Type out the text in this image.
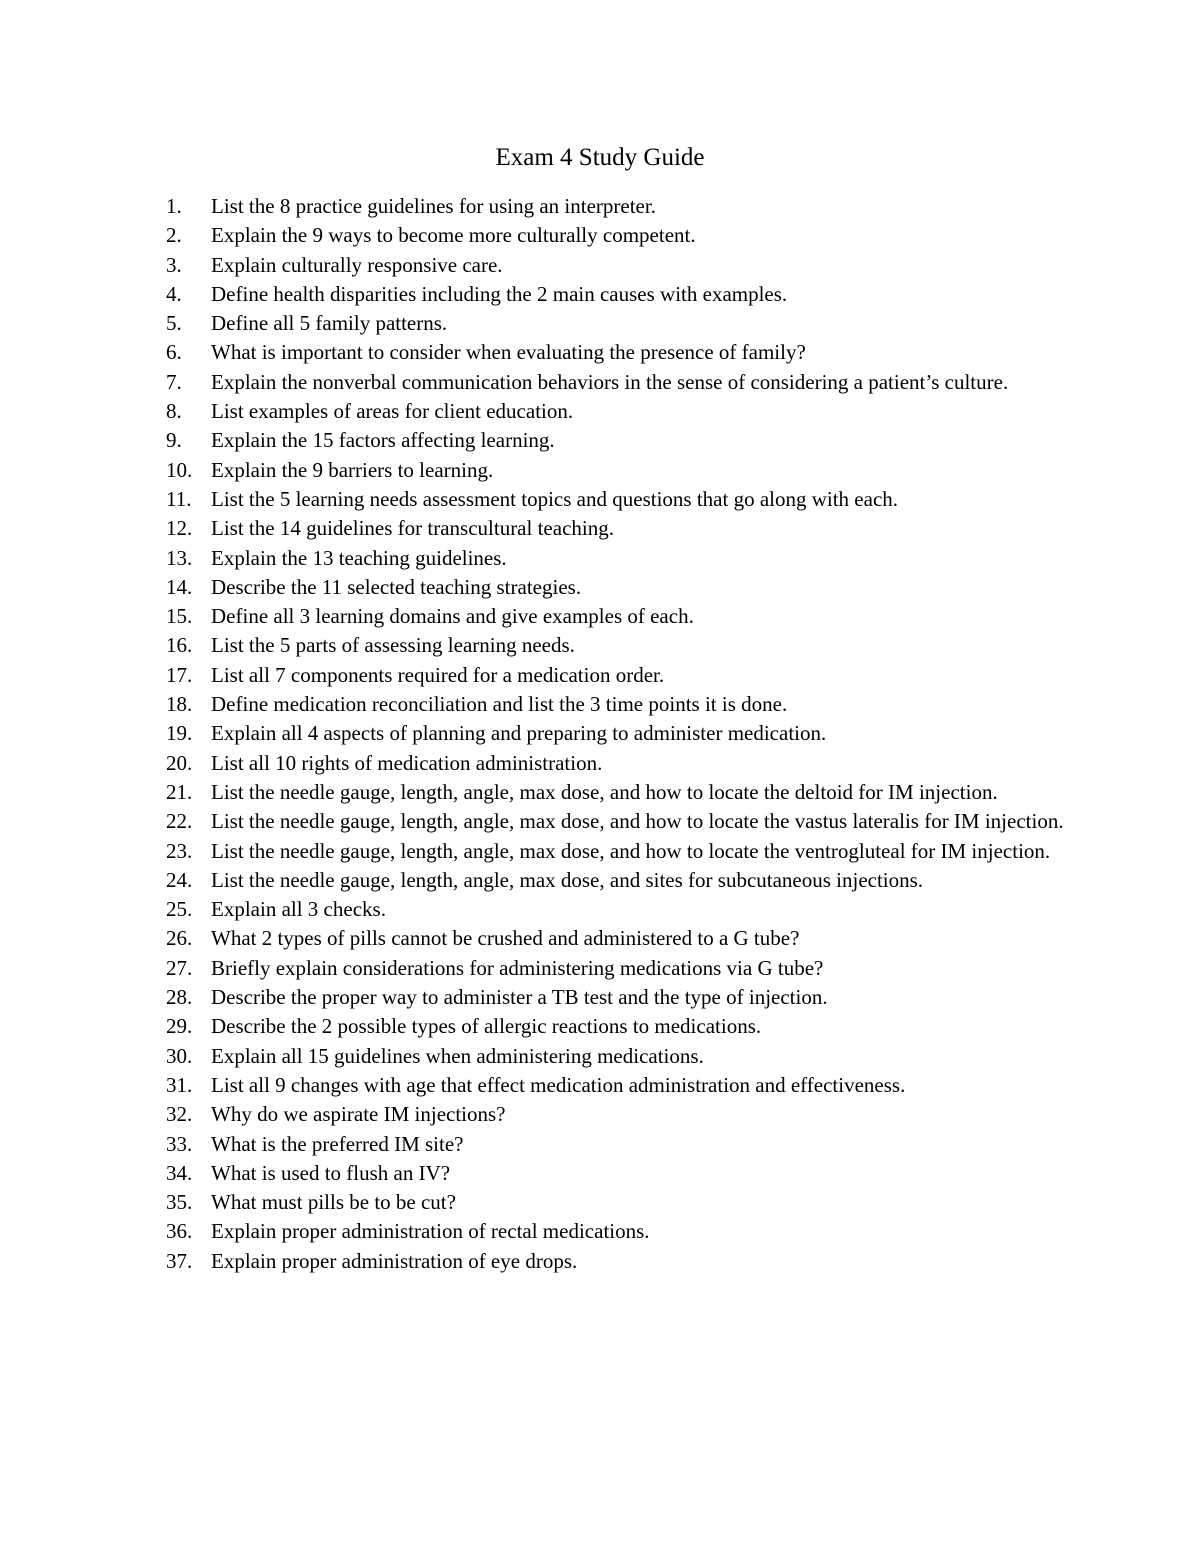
Exam 4 Study Guide
1.	List the 8 practice guidelines for using an interpreter.
2.	Explain the 9 ways to become more culturally competent.
3.	Explain culturally responsive care.
4.	Define health disparities including the 2 main causes with examples.
5.	Define all 5 family patterns.
6.	What is important to consider when evaluating the presence of family?
7.	Explain the nonverbal communication behaviors in the sense of considering a patient’s culture.
8.	List examples of areas for client education.
9.	Explain the 15 factors affecting learning.
10. Explain the 9 barriers to learning.
11. List the 5 learning needs assessment topics and questions that go along with each.
12. List the 14 guidelines for transcultural teaching.
13. Explain the 13 teaching guidelines.
14. Describe the 11 selected teaching strategies.
15. Define all 3 learning domains and give examples of each.
16. List the 5 parts of assessing learning needs.
17. List all 7 components required for a medication order.
18. Define medication reconciliation and list the 3 time points it is done.
19. Explain all 4 aspects of planning and preparing to administer medication.
20. List all 10 rights of medication administration.
21. List the needle gauge, length, angle, max dose, and how to locate the deltoid for IM injection.
22. List the needle gauge, length, angle, max dose, and how to locate the vastus lateralis for IM injection.
23. List the needle gauge, length, angle, max dose, and how to locate the ventrogluteal for IM injection.
24. List the needle gauge, length, angle, max dose, and sites for subcutaneous injections.
25. Explain all 3 checks.
26. What 2 types of pills cannot be crushed and administered to a G tube?
27. Briefly explain considerations for administering medications via G tube?
28. Describe the proper way to administer a TB test and the type of injection.
29. Describe the 2 possible types of allergic reactions to medications.
30. Explain all 15 guidelines when administering medications.
31. List all 9 changes with age that effect medication administration and effectiveness.
32. Why do we aspirate IM injections?
33. What is the preferred IM site?
34. What is used to flush an IV?
35. What must pills be to be cut?
36. Explain proper administration of rectal medications.
37. Explain proper administration of eye drops.
